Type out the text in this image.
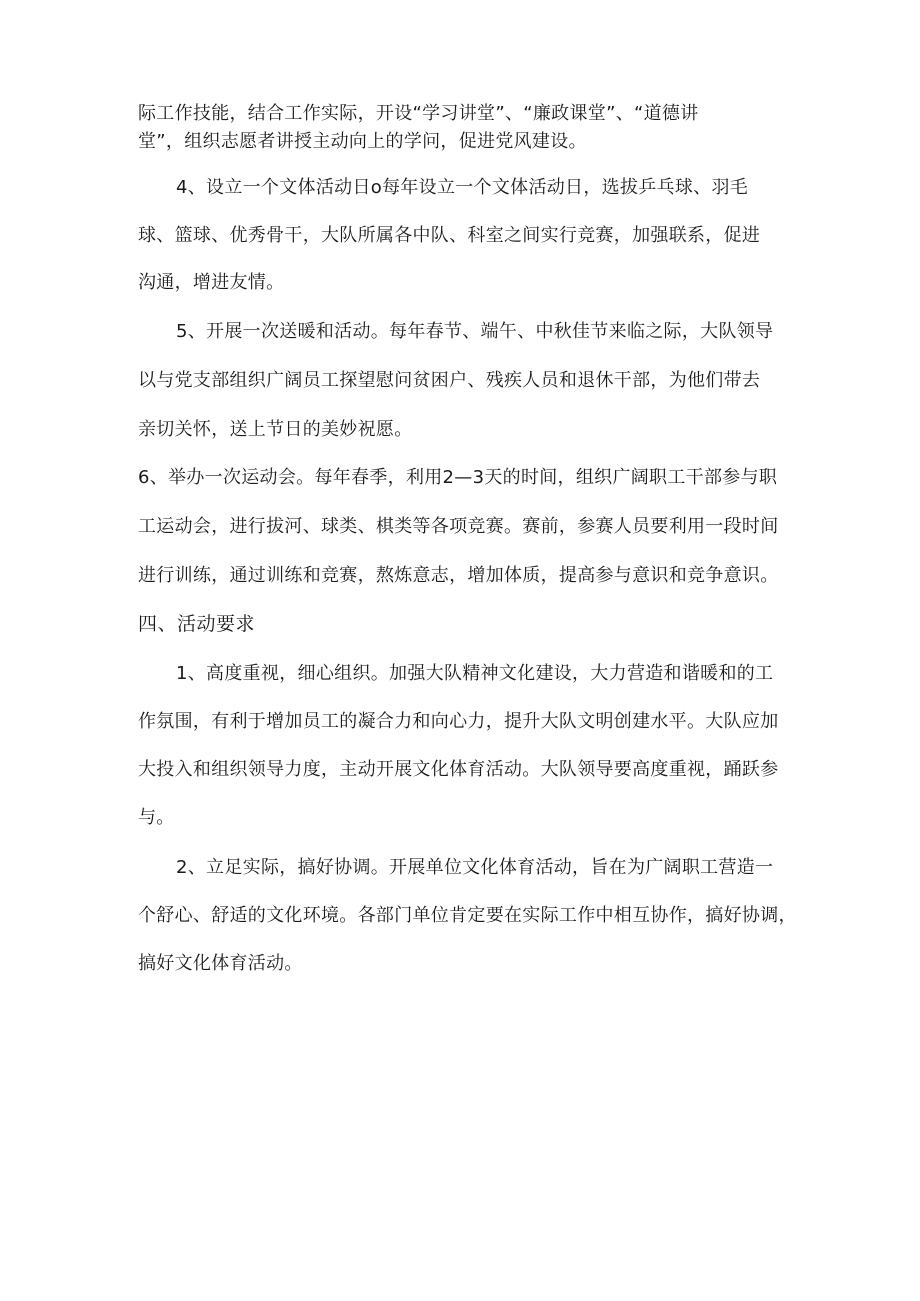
际工作技能，结合工作实际，开设“学习讲堂”、“廉政课堂”、“道德讲
堂”，组织志愿者讲授主动向上的学问，促进党风建设。
4、设立一个文体活动日o每年设立一个文体活动日，选拔乒乓球、羽毛
球、篮球、优秀骨干，大队所属各中队、科室之间实行竞赛，加强联系，促进
沟通，增进友情。
5、开展一次送暖和活动。每年春节、端午、中秋佳节来临之际，大队领导
以与党支部组织广阔员工探望慰问贫困户、残疾人员和退休干部，为他们带去
亲切关怀，送上节日的美妙祝愿。
6、举办一次运动会。每年春季，利用2—3天的时间，组织广阔职工干部参与职
工运动会，进行拔河、球类、棋类等各项竞赛。赛前，参赛人员要利用一段时间
进行训练，通过训练和竞赛，熬炼意志，增加体质，提高参与意识和竞争意识。
四、活动要求
1、高度重视，细心组织。加强大队精神文化建设，大力营造和谐暖和的工
作氛围，有利于增加员工的凝合力和向心力，提升大队文明创建水平。大队应加
大投入和组织领导力度，主动开展文化体育活动。大队领导要高度重视，踊跃参
与。
2、立足实际，搞好协调。开展单位文化体育活动，旨在为广阔职工营造一
个舒心、舒适的文化环境。各部门单位肯定要在实际工作中相互协作，搞好协调，
搞好文化体育活动。
